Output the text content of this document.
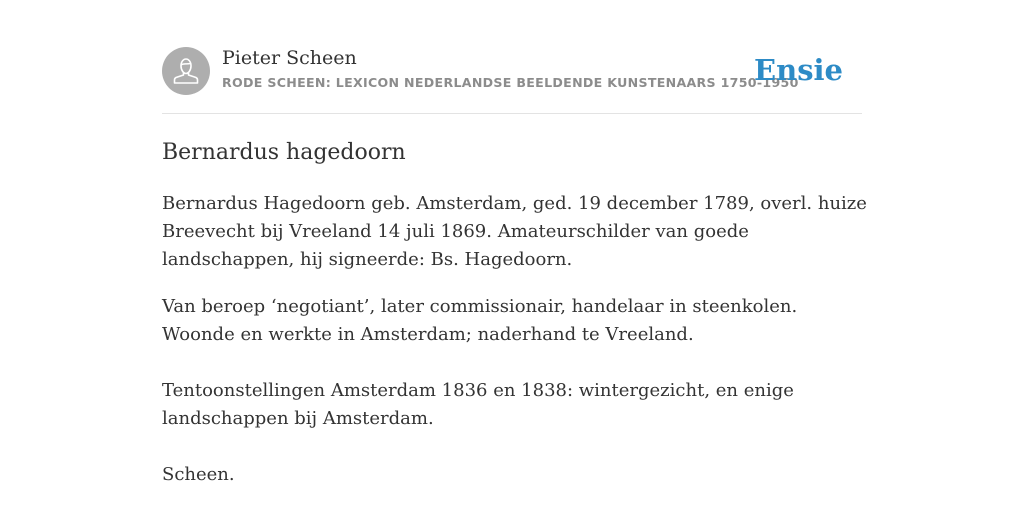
Pieter Scheen
RODE SCHEEN: LEXICON NEDERLANDSE BEELDENDE KUNSTENAARS 1750-1950
Ensie
Bernardus hagedoorn

Bernardus Hagedoorn geb. Amsterdam, ged. 19 december 1789, overl. huize Breevecht bij Vreeland 14 juli 1869. Amateurschilder van goede landschappen, hij signeerde: Bs. Hagedoorn.

Van beroep ‘negotiant’, later commissionair, handelaar in steenkolen. Woonde en werkte in Amsterdam; naderhand te Vreeland.

Tentoonstellingen Amsterdam 1836 en 1838: wintergezicht, en enige landschappen bij Amsterdam.

Scheen.
